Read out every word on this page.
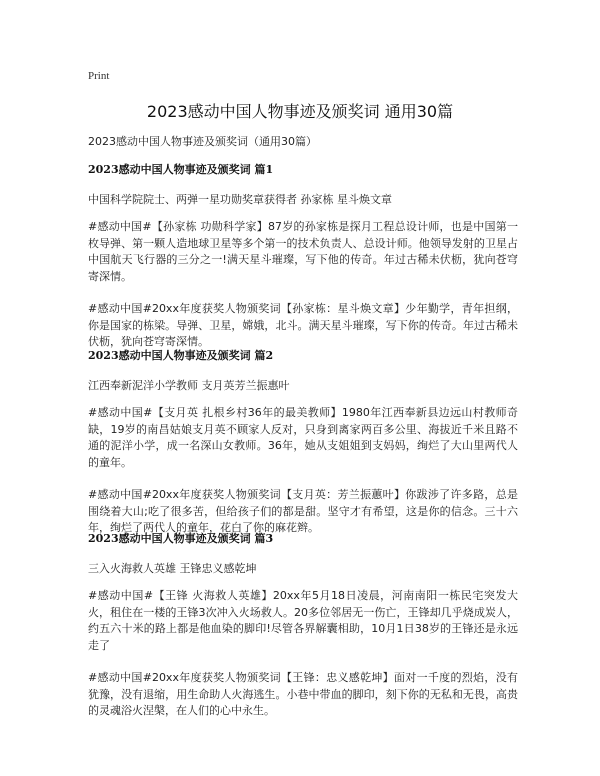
Print
2023感动中国人物事迹及颁奖词 通用30篇

2023感动中国人物事迹及颁奖词（通用30篇）

2023感动中国人物事迹及颁奖词 篇1

中国科学院院士、两弹一星功勋奖章获得者 孙家栋 星斗焕文章

#感动中国#【孙家栋 功勋科学家】87岁的孙家栋是探月工程总设计师，也是中国第一枚导弹、第一颗人造地球卫星等多个第一的技术负责人、总设计师。他领导发射的卫星占中国航天飞行器的三分之一!满天星斗璀璨，写下他的传奇。年过古稀未伏枥，犹向苍穹寄深情。

#感动中国#20xx年度获奖人物颁奖词【孙家栋：星斗焕文章】少年勤学，青年担纲，你是国家的栋梁。导弹、卫星，嫦娥，北斗。满天星斗璀璨，写下你的传奇。年过古稀未伏枥，犹向苍穹寄深情。

2023感动中国人物事迹及颁奖词 篇2

江西奉新泥洋小学教师 支月英芳兰振惠叶

#感动中国#【支月英 扎根乡村36年的最美教师】1980年江西奉新县边远山村教师奇缺，19岁的南昌姑娘支月英不顾家人反对，只身到离家两百多公里、海拔近千米且路不通的泥洋小学，成一名深山女教师。36年，她从支姐姐到支妈妈，绚烂了大山里两代人的童年。

#感动中国#20xx年度获奖人物颁奖词【支月英：芳兰振蕙叶】你跋涉了许多路，总是围绕着大山;吃了很多苦，但给孩子们的都是甜。坚守才有希望，这是你的信念。三十六年，绚烂了两代人的童年，花白了你的麻花辫。

2023感动中国人物事迹及颁奖词 篇3

三入火海救人英雄 王锋忠义感乾坤

#感动中国#【王锋 火海救人英雄】20xx年5月18日凌晨，河南南阳一栋民宅突发大火，租住在一楼的王锋3次冲入火场救人。20多位邻居无一伤亡，王锋却几乎烧成炭人，约五六十米的路上都是他血染的脚印!尽管各界解囊相助，10月1日38岁的王锋还是永远走了

#感动中国#20xx年度获奖人物颁奖词【王锋：忠义感乾坤】面对一千度的烈焰，没有犹豫，没有退缩，用生命助人火海逃生。小巷中带血的脚印，刻下你的无私和无畏，高贵的灵魂浴火涅槃，在人们的心中永生。
